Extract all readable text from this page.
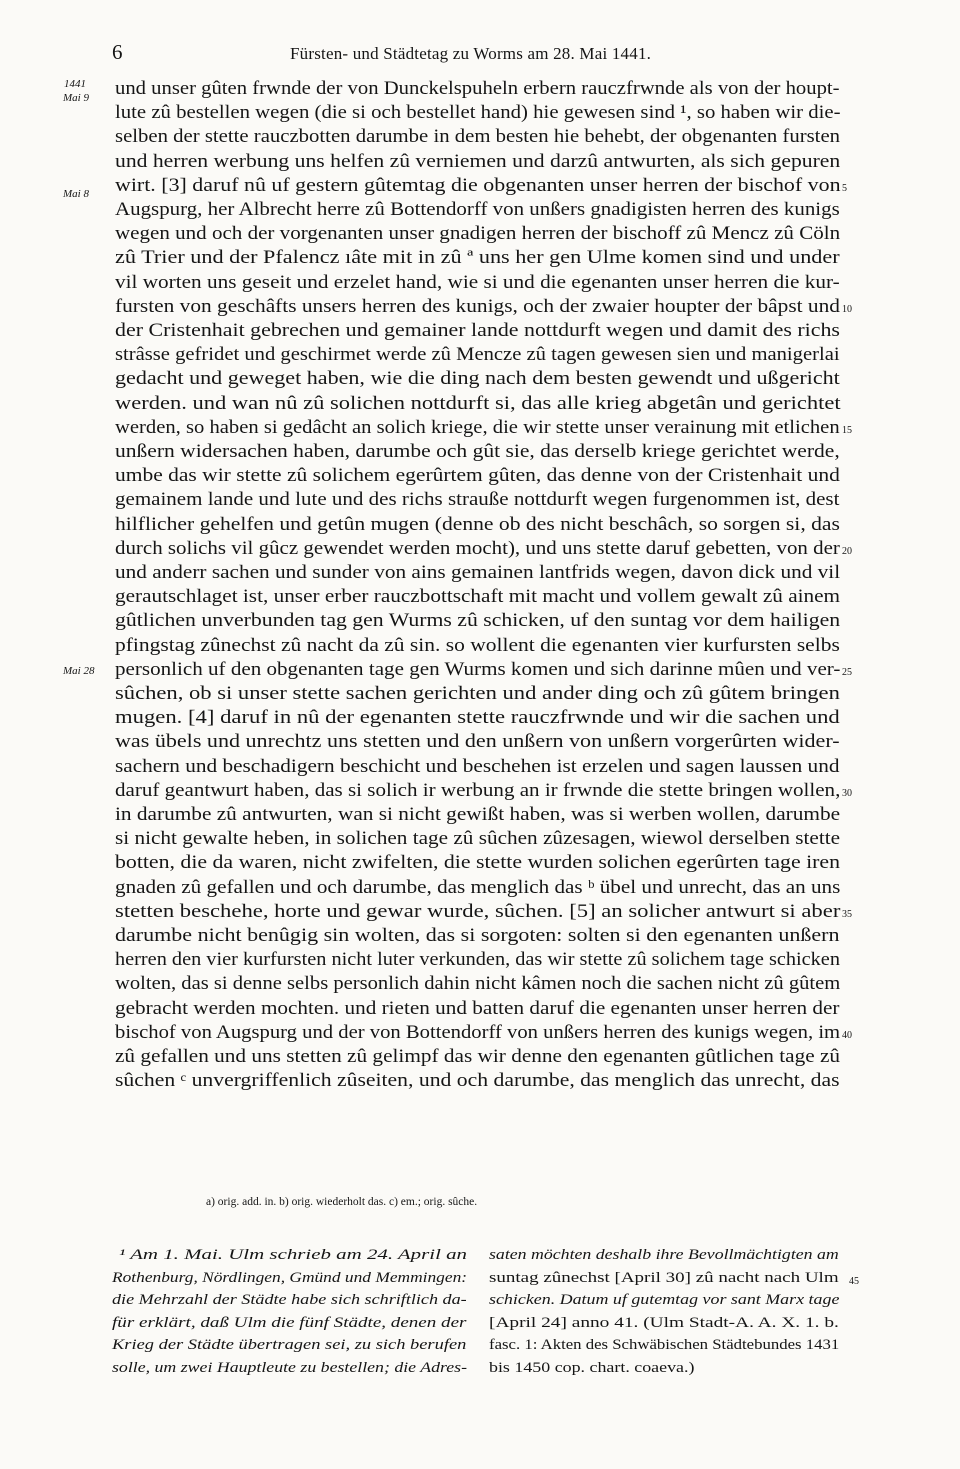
6	Fürsten- und Städtetag zu Worms am 28. Mai 1441.
1441
Mai 9
Mai 8
Mai 28
und unser gûten frwnde der von Dunckelspuheln erbern rauczfrwnde als von der houpt-
lute zû bestellen wegen (die si och bestellet hand) hie gewesen sind ¹, so haben wir die-
selben der stette rauczbotten darumbe in dem besten hie behebt, der obgenanten fursten
und herren werbung uns helfen zû verniemen und darzû antwurten, als sich gepuren
wirt. [3] daruf nû uf gestern gûtemtag die obgenanten unser herren der bischof von
Augspurg, her Albrecht herre zû Bottendorff von unßers gnadigisten herren des kunigs
wegen und och der vorgenanten unser gnadigen herren der bischoff zû Mencz zû Cöln
zû Trier und der Pfalencz ıâte mit in zû ª uns her gen Ulme komen sind und under
vil worten uns geseit und erzelet hand, wie si und die egenanten unser herren die kur-
fursten von geschâfts unsers herren des kunigs, och der zwaier houpter der bâpst und
der Cristenhait gebrechen und gemainer lande nottdurft wegen und damit des richs
strâsse gefridet und geschirmet werde zû Mencze zû tagen gewesen sien und manigerlai
gedacht und geweget haben, wie die ding nach dem besten gewendt und ußgericht
werden. und wan nû zû solichen nottdurft si, das alle krieg abgetân und gerichtet
werden, so haben si gedâcht an solich kriege, die wir stette unser verainung mit etlichen
unßern widersachen haben, darumbe och gût sie, das derselb kriege gerichtet werde,
umbe das wir stette zû solichem egerûrtem gûten, das denne von der Cristenhait und
gemainem lande und lute und des richs strauße nottdurft wegen furgenommen ist, dest
hilflicher gehelfen und getûn mugen (denne ob des nicht beschâch, so sorgen si, das
durch solichs vil gûcz gewendet werden mocht), und uns stette daruf gebetten, von der
und anderr sachen und sunder von ains gemainen lantfrids wegen, davon dick und vil
gerautschlaget ist, unser erber rauczbottschaft mit macht und vollem gewalt zû ainem
gûtlichen unverbunden tag gen Wurms zû schicken, uf den suntag vor dem hailigen
pfingstag zûnechst zû nacht da zû sin. so wollent die egenanten vier kurfursten selbs
personlich uf den obgenanten tage gen Wurms komen und sich darinne mûen und ver-
sûchen, ob si unser stette sachen gerichten und ander ding och zû gûtem bringen
mugen. [4] daruf in nû der egenanten stette rauczfrwnde und wir die sachen und
was übels und unrechtz uns stetten und den unßern von unßern vorgerûrten wider-
sachern und beschadigern beschicht und beschehen ist erzelen und sagen laussen und
daruf geantwurt haben, das si solich ir werbung an ir frwnde die stette bringen wollen,
in darumbe zû antwurten, wan si nicht gewißt haben, was si werben wollen, darumbe
si nicht gewalte heben, in solichen tage zû sûchen zûzesagen, wiewol derselben stette
botten, die da waren, nicht zwifelten, die stette wurden solichen egerûrten tage iren
gnaden zû gefallen und och darumbe, das menglich das ᵇ übel und unrecht, das an uns
stetten beschehe, horte und gewar wurde, sûchen. [5] an solicher antwurt si aber
darumbe nicht benûgig sin wolten, das si sorgoten: solten si den egenanten unßern
herren den vier kurfursten nicht luter verkunden, das wir stette zû solichem tage schicken
wolten, das si denne selbs personlich dahin nicht kâmen noch die sachen nicht zû gûtem
gebracht werden mochten. und rieten und batten daruf die egenanten unser herren der
bischof von Augspurg und der von Bottendorff von unßers herren des kunigs wegen, im
zû gefallen und uns stetten zû gelimpf das wir denne den egenanten gûtlichen tage zû
sûchen ᶜ unvergriffenlich zûseiten, und och darumbe, das menglich das unrecht, das
5
10
15
20
25
30
35
40
a) orig. add. in. b) orig. wiederholt das. c) em.; orig. sûche.
¹ Am 1. Mai. Ulm schrieb am 24. April an
Rothenburg, Nördlingen, Gmünd und Memmingen:
die Mehrzahl der Städte habe sich schriftlich da-
für erklärt, daß Ulm die fünf Städte, denen der
Krieg der Städte übertragen sei, zu sich berufen
solle, um zwei Hauptleute zu bestellen; die Adres-
saten möchten deshalb ihre Bevollmächtigten am
suntag zûnechst [April 30] zû nacht nach Ulm
schicken. Datum uf gutemtag vor sant Marx tage
[April 24] anno 41. (Ulm Stadt-A. A. X. 1. b.
fasc. 1: Akten des Schwäbischen Städtebundes 1431
bis 1450 cop. chart. coaeva.)
45
